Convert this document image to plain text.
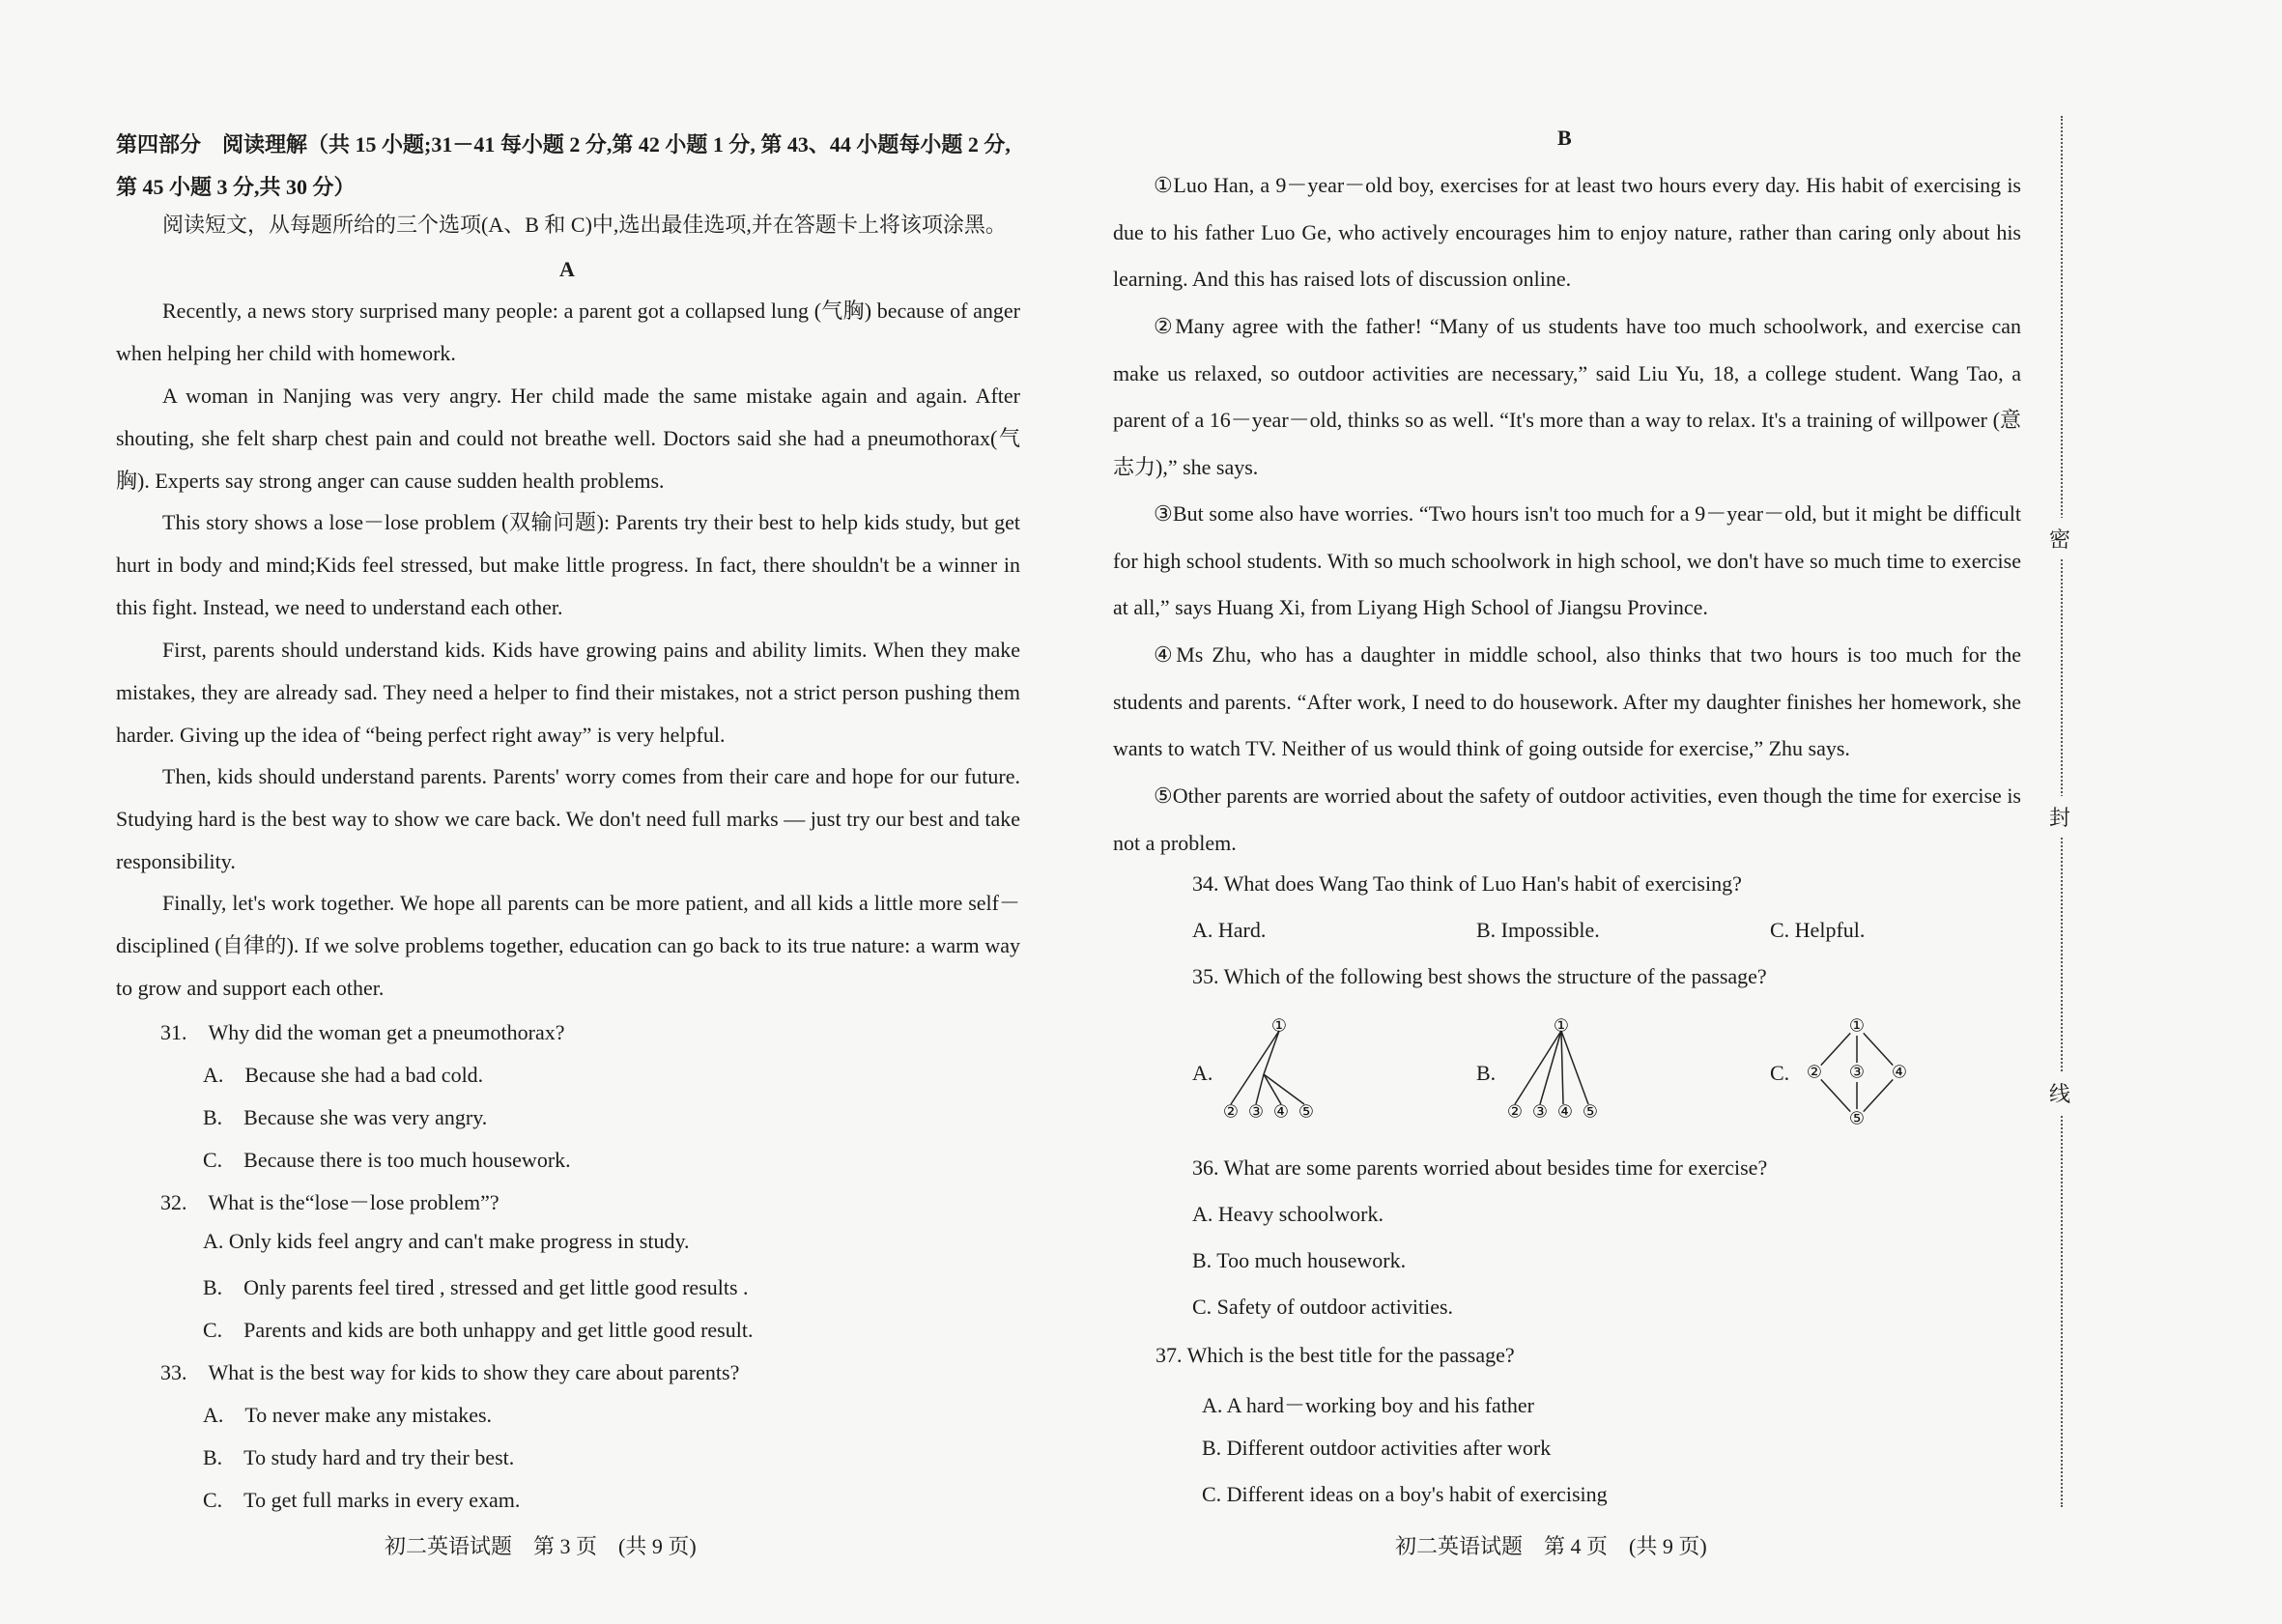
第四部分　阅读理解（共 15 小题;31－41 每小题 2 分,第 42 小题 1 分, 第 43、44 小题每小题 2 分,第 45 小题 3 分,共 30 分）
阅读短文，从每题所给的三个选项(A、B 和 C)中,选出最佳选项,并在答题卡上将该项涂黑。
A

Recently, a news story surprised many people: a parent got a collapsed lung (气胸) because of anger when helping her child with homework.

A woman in Nanjing was very angry. Her child made the same mistake again and again. After shouting, she felt sharp chest pain and could not breathe well. Doctors said she had a pneumothorax(气胸). Experts say strong anger can cause sudden health problems.

This story shows a lose－lose problem (双输问题): Parents try their best to help kids study, but get hurt in body and mind;Kids feel stressed, but make little progress. In fact, there shouldn't be a winner in this fight. Instead, we need to understand each other.

First, parents should understand kids. Kids have growing pains and ability limits. When they make mistakes, they are already sad. They need a helper to find their mistakes, not a strict person pushing them harder. Giving up the idea of “being perfect right away” is very helpful.

Then, kids should understand parents. Parents' worry comes from their care and hope for our future. Studying hard is the best way to show we care back. We don't need full marks — just try our best and take responsibility.

Finally, let's work together. We hope all parents can be more patient, and all kids a little more self－disciplined (自律的). If we solve problems together, education can go back to its true nature: a warm way to grow and support each other.

31.　Why did the woman get a pneumothorax?
A.　Because she had a bad cold.
B.　Because she was very angry.
C.　Because there is too much housework.
32.　What is the“lose－lose problem”?
A. Only kids feel angry and can't make progress in study.
B.　Only parents feel tired , stressed and get little good results .
C.　Parents and kids are both unhappy and get little good result.
33.　What is the best way for kids to show they care about parents?
A.　To never make any mistakes.
B.　To study hard and try their best.
C.　To get full marks in every exam.
初二英语试题　第 3 页　(共 9 页)
B

①Luo Han, a 9－year－old boy, exercises for at least two hours every day. His habit of exercising is due to his father Luo Ge, who actively encourages him to enjoy nature, rather than caring only about his learning. And this has raised lots of discussion online.

②Many agree with the father! “Many of us students have too much schoolwork, and exercise can make us relaxed, so outdoor activities are necessary,” said Liu Yu, 18, a college student. Wang Tao, a parent of a 16－year－old, thinks so as well. “It's more than a way to relax. It's a training of willpower (意志力),” she says.

③But some also have worries. “Two hours isn't too much for a 9－year－old, but it might be difficult for high school students. With so much schoolwork in high school, we don't have so much time to exercise at all,” says Huang Xi, from Liyang High School of Jiangsu Province.

④Ms Zhu, who has a daughter in middle school, also thinks that two hours is too much for the students and parents. “After work, I need to do housework. After my daughter finishes her homework, she wants to watch TV. Neither of us would think of going outside for exercise,” Zhu says.

⑤Other parents are worried about the safety of outdoor activities, even though the time for exercise is not a problem.

34. What does Wang Tao think of Luo Han's habit of exercising?
A. Hard.	B. Impossible.	C. Helpful.
35. Which of the following best shows the structure of the passage?
A.
①
② ③ ④ ⑤
B.
①
② ③ ④ ⑤
C.
①
② ③ ④
⑤
36. What are some parents worried about besides time for exercise?
A. Heavy schoolwork.
B. Too much housework.
C. Safety of outdoor activities.
37. Which is the best title for the passage?
A. A hard－working boy and his father
B. Different outdoor activities after work
C. Different ideas on a boy's habit of exercising
初二英语试题　第 4 页　(共 9 页)
密
封
线
